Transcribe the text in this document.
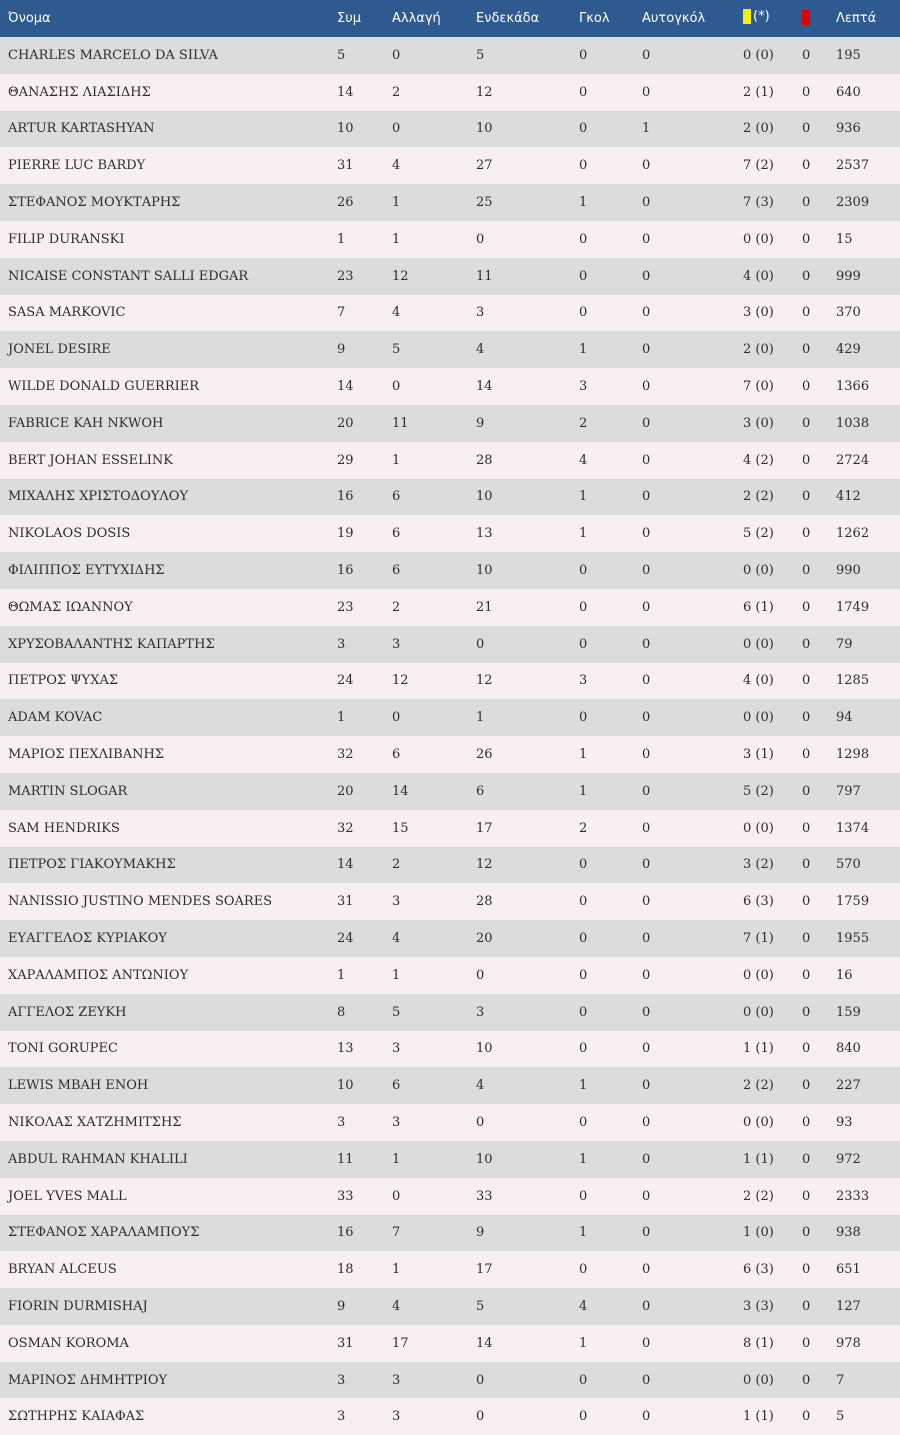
Όνομα	Συμ	Αλλαγή	Ενδεκάδα	Γκολ	Αυτογκόλ	(*)		Λεπτά
CHARLES MARCELO DA SILVA	5	0	5	0	0	0 (0)	0	195
ΘΑΝΑΣΗΣ ΛΙΑΣΙΔΗΣ	14	2	12	0	0	2 (1)	0	640
ARTUR KARTASHYAN	10	0	10	0	1	2 (0)	0	936
PIERRE LUC BARDY	31	4	27	0	0	7 (2)	0	2537
ΣΤΕΦΑΝΟΣ ΜΟΥΚΤΑΡΗΣ	26	1	25	1	0	7 (3)	0	2309
FILIP DURANSKI	1	1	0	0	0	0 (0)	0	15
NICAISE CONSTANT SALLI EDGAR	23	12	11	0	0	4 (0)	0	999
SASA MARKOVIC	7	4	3	0	0	3 (0)	0	370
JONEL DESIRE	9	5	4	1	0	2 (0)	0	429
WILDE DONALD GUERRIER	14	0	14	3	0	7 (0)	0	1366
FABRICE KAH NKWOH	20	11	9	2	0	3 (0)	0	1038
BERT JOHAN ESSELINK	29	1	28	4	0	4 (2)	0	2724
ΜΙΧΑΛΗΣ ΧΡΙΣΤΟΔΟΥΛΟΥ	16	6	10	1	0	2 (2)	0	412
NIKOLAOS DOSIS	19	6	13	1	0	5 (2)	0	1262
ΦΙΛΙΠΠΟΣ ΕΥΤΥΧΙΔΗΣ	16	6	10	0	0	0 (0)	0	990
ΘΩΜΑΣ ΙΩΑΝΝΟΥ	23	2	21	0	0	6 (1)	0	1749
ΧΡΥΣΟΒΑΛΑΝΤΗΣ ΚΑΠΑΡΤΗΣ	3	3	0	0	0	0 (0)	0	79
ΠΕΤΡΟΣ ΨΥΧΑΣ	24	12	12	3	0	4 (0)	0	1285
ADAM KOVAC	1	0	1	0	0	0 (0)	0	94
ΜΑΡΙΟΣ ΠΕΧΛΙΒΑΝΗΣ	32	6	26	1	0	3 (1)	0	1298
MARTIN SLOGAR	20	14	6	1	0	5 (2)	0	797
SAM HENDRIKS	32	15	17	2	0	0 (0)	0	1374
ΠΕΤΡΟΣ ΓΙΑΚΟΥΜΑΚΗΣ	14	2	12	0	0	3 (2)	0	570
NANISSIO JUSTINO MENDES SOARES	31	3	28	0	0	6 (3)	0	1759
ΕΥΑΓΓΕΛΟΣ ΚΥΡΙΑΚΟΥ	24	4	20	0	0	7 (1)	0	1955
ΧΑΡΑΛΑΜΠΟΣ ΑΝΤΩΝΙΟΥ	1	1	0	0	0	0 (0)	0	16
ΑΓΓΕΛΟΣ ΖΕΥΚΗ	8	5	3	0	0	0 (0)	0	159
TONI GORUPEC	13	3	10	0	0	1 (1)	0	840
LEWIS MBAH ENOH	10	6	4	1	0	2 (2)	0	227
ΝΙΚΟΛΑΣ ΧΑΤΖΗΜΙΤΣΗΣ	3	3	0	0	0	0 (0)	0	93
ABDUL RAHMAN KHALILI	11	1	10	1	0	1 (1)	0	972
JOEL YVES MALL	33	0	33	0	0	2 (2)	0	2333
ΣΤΕΦΑΝΟΣ ΧΑΡΑΛΑΜΠΟΥΣ	16	7	9	1	0	1 (0)	0	938
BRYAN ALCEUS	18	1	17	0	0	6 (3)	0	651
FIORIN DURMISHAJ	9	4	5	4	0	3 (3)	0	127
OSMAN KOROMA	31	17	14	1	0	8 (1)	0	978
ΜΑΡΙΝΟΣ ΔΗΜΗΤΡΙΟΥ	3	3	0	0	0	0 (0)	0	7
ΣΩΤΗΡΗΣ ΚΑΙΑΦΑΣ	3	3	0	0	0	1 (1)	0	5
